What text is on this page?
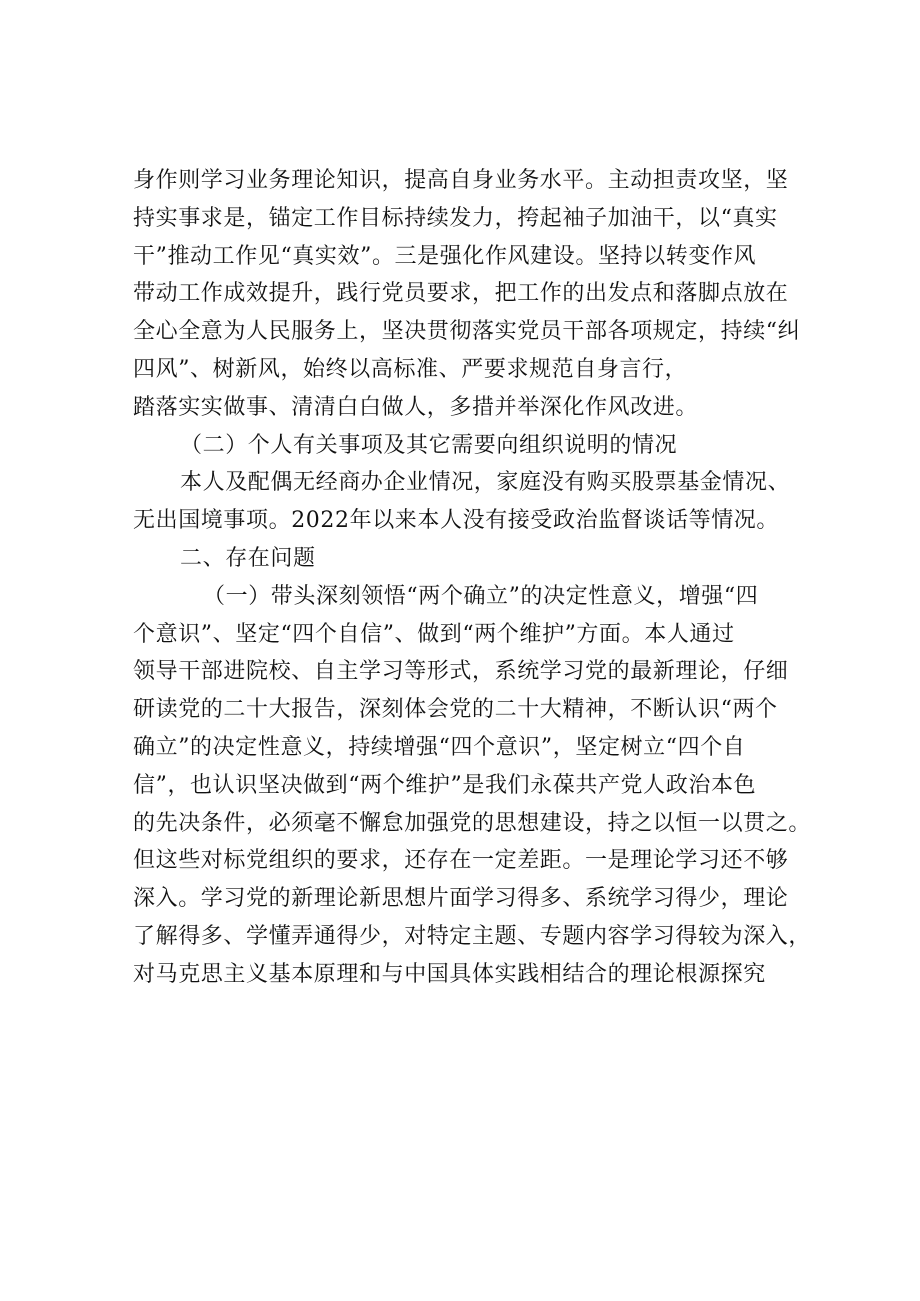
身作则学习业务理论知识，提高自身业务水平。主动担责攻坚，坚
持实事求是，锚定工作目标持续发力，挎起袖子加油干，以“真实
干”推动工作见“真实效”。三是强化作风建设。坚持以转变作风
带动工作成效提升，践行党员要求，把工作的出发点和落脚点放在
全心全意为人民服务上，坚决贯彻落实党员干部各项规定，持续“纠
四风”、树新风，始终以高标准、严要求规范自身言行，
踏落实实做事、清清白白做人，多措并举深化作风改进。
（二）个人有关事项及其它需要向组织说明的情况
本人及配偶无经商办企业情况，家庭没有购买股票基金情况、
无出国境事项。2022年以来本人没有接受政治监督谈话等情况。
二、存在问题
（一）带头深刻领悟“两个确立”的决定性意义，增强“四
个意识”、坚定“四个自信”、做到“两个维护”方面。本人通过
领导干部进院校、自主学习等形式，系统学习党的最新理论，仔细
研读党的二十大报告，深刻体会党的二十大精神，不断认识“两个
确立”的决定性意义，持续增强“四个意识”，坚定树立“四个自
信”，也认识坚决做到“两个维护”是我们永葆共产党人政治本色
的先决条件，必须毫不懈怠加强党的思想建设，持之以恒一以贯之。
但这些对标党组织的要求，还存在一定差距。一是理论学习还不够
深入。学习党的新理论新思想片面学习得多、系统学习得少，理论
了解得多、学懂弄通得少，对特定主题、专题内容学习得较为深入，
对马克思主义基本原理和与中国具体实践相结合的理论根源探究
